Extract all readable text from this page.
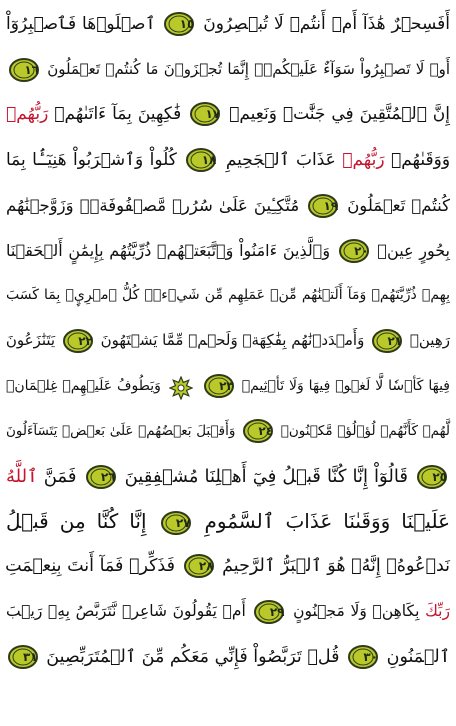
أَفَسِحۡرٌ هَٰذَآ أَمۡ أَنتُمۡ لَا تُبۡصِرُونَ
١٥
ٱصۡلَوۡهَا فَٱصۡبِرُوٓاْ
أَوۡ لَا تَصۡبِرُواْ سَوَآءٌ عَلَيۡكُمۡۖ إِنَّمَا تُجۡزَوۡنَ مَا كُنتُمۡ تَعۡمَلُونَ
١٦
إِنَّ ٱلۡمُتَّقِينَ فِي جَنَّٰتٖ وَنَعِيمٖ
١٧
فَٰكِهِينَ بِمَآ ءَاتَىٰهُمۡ رَبُّهُمۡ
وَوَقَىٰهُمۡ رَبُّهُمۡ عَذَابَ ٱلۡجَحِيمِ
١٨
كُلُواْ وَٱشۡرَبُواْ هَنِيٓـَٔۢا بِمَا
كُنتُمۡ تَعۡمَلُونَ
١٩
مُتَّكِـِٔينَ عَلَىٰ سُرُرٖ مَّصۡفُوفَةٖۖ وَزَوَّجۡنَٰهُم
بِحُورٍ عِينٖ
٢٠
وَٱلَّذِينَ ءَامَنُواْ وَٱتَّبَعَتۡهُمۡ ذُرِّيَّتُهُم بِإِيمَٰنٍ أَلۡحَقۡنَا
بِهِمۡ ذُرِّيَّتَهُمۡ وَمَآ أَلَتۡنَٰهُم مِّنۡ عَمَلِهِم مِّن شَيۡءٖۚ كُلُّ ٱمۡرِيِٕۭ بِمَا كَسَبَ
رَهِينٞ
٢١
وَأَمۡدَدۡنَٰهُم بِفَٰكِهَةٖ وَلَحۡمٖ مِّمَّا يَشۡتَهُونَ
٢٢
يَتَنَٰزَعُونَ
فِيهَا كَأۡسٗا لَّا لَغۡوٞ فِيهَا وَلَا تَأۡثِيمٞ
٢٣
وَيَطُوفُ عَلَيۡهِمۡ غِلۡمَانٞ
لَّهُمۡ كَأَنَّهُمۡ لُؤۡلُؤٞ مَّكۡنُونٞ
٢٤
وَأَقۡبَلَ بَعۡضُهُمۡ عَلَىٰ بَعۡضٖ يَتَسَآءَلُونَ
٢٥
قَالُوٓاْ إِنَّا كُنَّا قَبۡلُ فِيٓ أَهۡلِنَا مُشۡفِقِينَ
٢٦
فَمَنَّ ٱللَّهُ
عَلَيۡنَا وَوَقَىٰنَا عَذَابَ ٱلسَّمُومِ
٢٧
إِنَّا كُنَّا مِن قَبۡلُ
نَدۡعُوهُۖ إِنَّهُۥ هُوَ ٱلۡبَرُّ ٱلرَّحِيمُ
٢٨
فَذَكِّرۡ فَمَآ أَنتَ بِنِعۡمَتِ
رَبِّكَ بِكَاهِنٖ وَلَا مَجۡنُونٍ
٢٩
أَمۡ يَقُولُونَ شَاعِرٞ نَّتَرَبَّصُ بِهِۦ رَيۡبَ
ٱلۡمَنُونِ
٣٠
قُلۡ تَرَبَّصُواْ فَإِنِّي مَعَكُم مِّنَ ٱلۡمُتَرَبِّصِينَ
٣١
